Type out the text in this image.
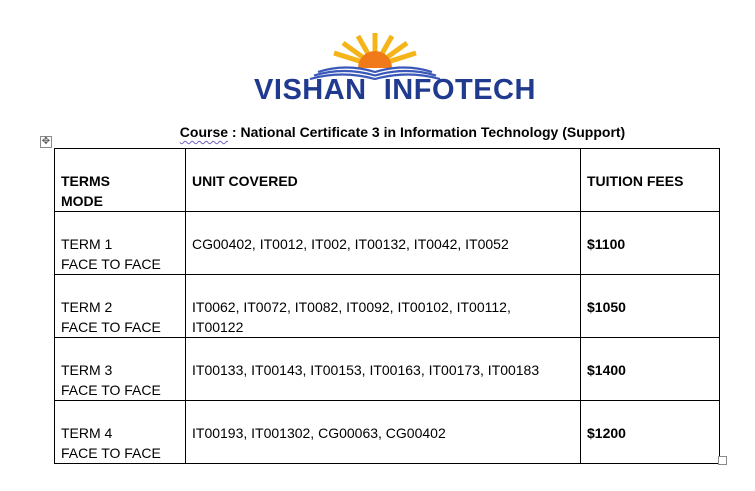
VISHAN  INFOTECH
Course : National Certificate 3 in Information Technology (Support)
✥
TERMS
MODE	UNIT COVERED	TUITION FEES

TERM 1
FACE TO FACE	CG00402, IT0012, IT002, IT00132, IT0042, IT0052	$1100

TERM 2
FACE TO FACE	IT0062, IT0072, IT0082, IT0092, IT00102, IT00112,
IT00122	$1050

TERM 3
FACE TO FACE	IT00133, IT00143, IT00153, IT00163, IT00173, IT00183	$1400

TERM 4
FACE TO FACE	IT00193, IT001302, CG00063, CG00402	$1200
